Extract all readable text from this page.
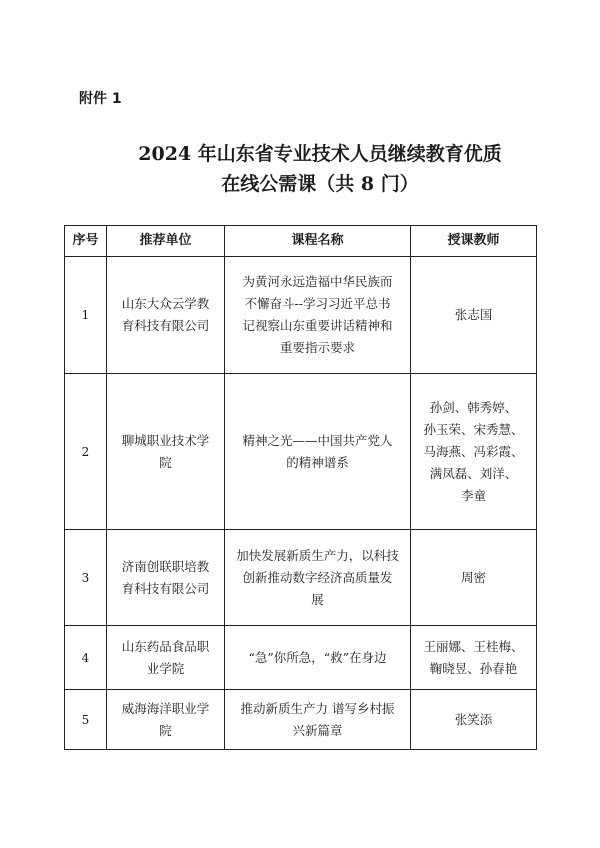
附件 1
2024 年山东省专业技术人员继续教育优质
在线公需课（共 8 门）
序号	推荐单位	课程名称	授课教师
1	山东大众云学教
育科技有限公司	为黄河永远造福中华民族而
不懈奋斗--学习习近平总书
记视察山东重要讲话精神和
重要指示要求	张志国

2	聊城职业技术学
院	精神之光——中国共产党人
的精神谱系	孙剑、韩秀婷、
孙玉荣、宋秀慧、
马海燕、冯彩霞、
满凤磊、刘洋、
李童

3	济南创联职培教
育科技有限公司	加快发展新质生产力，以科技
创新推动数字经济高质量发
展	周密

4	山东药品食品职
业学院	“急”你所急，“救”在身边	王丽娜、王桂梅、
鞠晓昱、孙春艳

5	威海海洋职业学
院	推动新质生产力 谱写乡村振
兴新篇章	张笑添
